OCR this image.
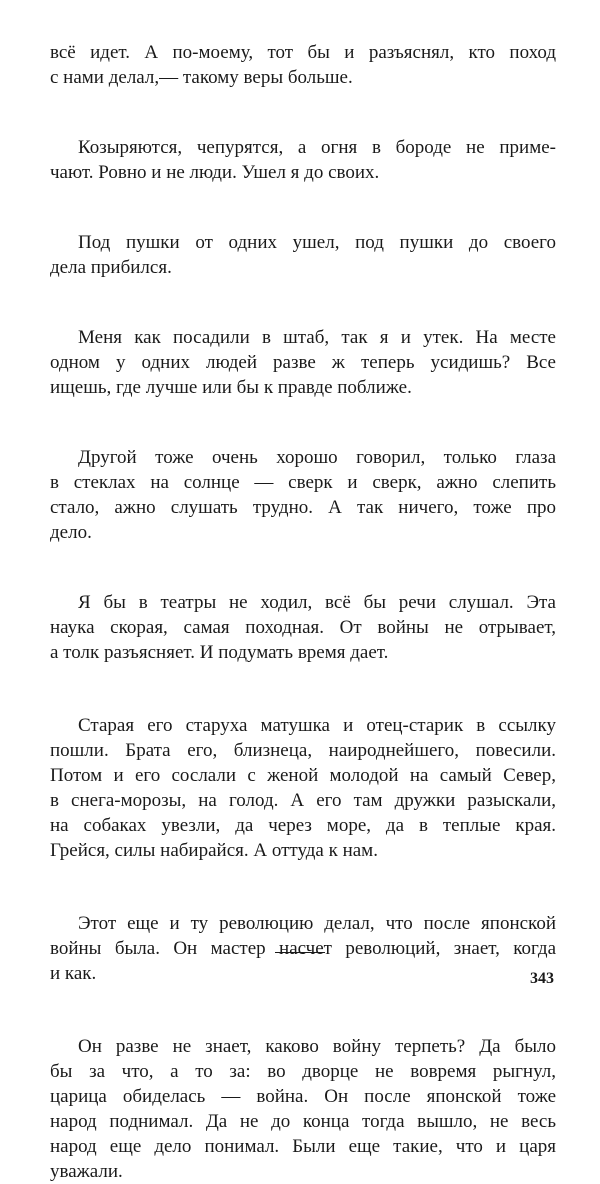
всё идет. А по-моему, тот бы и разъяснял, кто поход
с нами делал,— такому веры больше.

Козыряются, чепурятся, а огня в бороде не приме-
чают. Ровно и не люди. Ушел я до своих.

Под пушки от одних ушел, под пушки до своего
дела прибился.

Меня как посадили в штаб, так я и утек. На месте
одном у одних людей разве ж теперь усидишь? Все
ищешь, где лучше или бы к правде поближе.

Другой тоже очень хорошо говорил, только глаза
в стеклах на солнце — сверк и сверк, ажно слепить
стало, ажно слушать трудно. А так ничего, тоже про
дело.

Я бы в театры не ходил, всё бы речи слушал. Эта
наука скорая, самая походная. От войны не отрывает,
а толк разъясняет. И подумать время дает.

Старая его старуха матушка и отец-старик в ссылку
пошли. Брата его, близнеца, наироднейшего, повесили.
Потом и его сослали с женой молодой на самый Север,
в снега-морозы, на голод. А его там дружки разыскали,
на собаках увезли, да через море, да в теплые края.
Грейся, силы набирайся. А оттуда к нам.

Этот еще и ту революцию делал, что после японской
войны была. Он мастер насчет революций, знает, когда
и как.

Он разве не знает, каково войну терпеть? Да было
бы за что, а то за: во дворце не вовремя рыгнул,
царица обиделась — война. Он после японской тоже
народ поднимал. Да не до конца тогда вышло, не весь
народ еще дело понимал. Были еще такие, что и царя
уважали.

343
